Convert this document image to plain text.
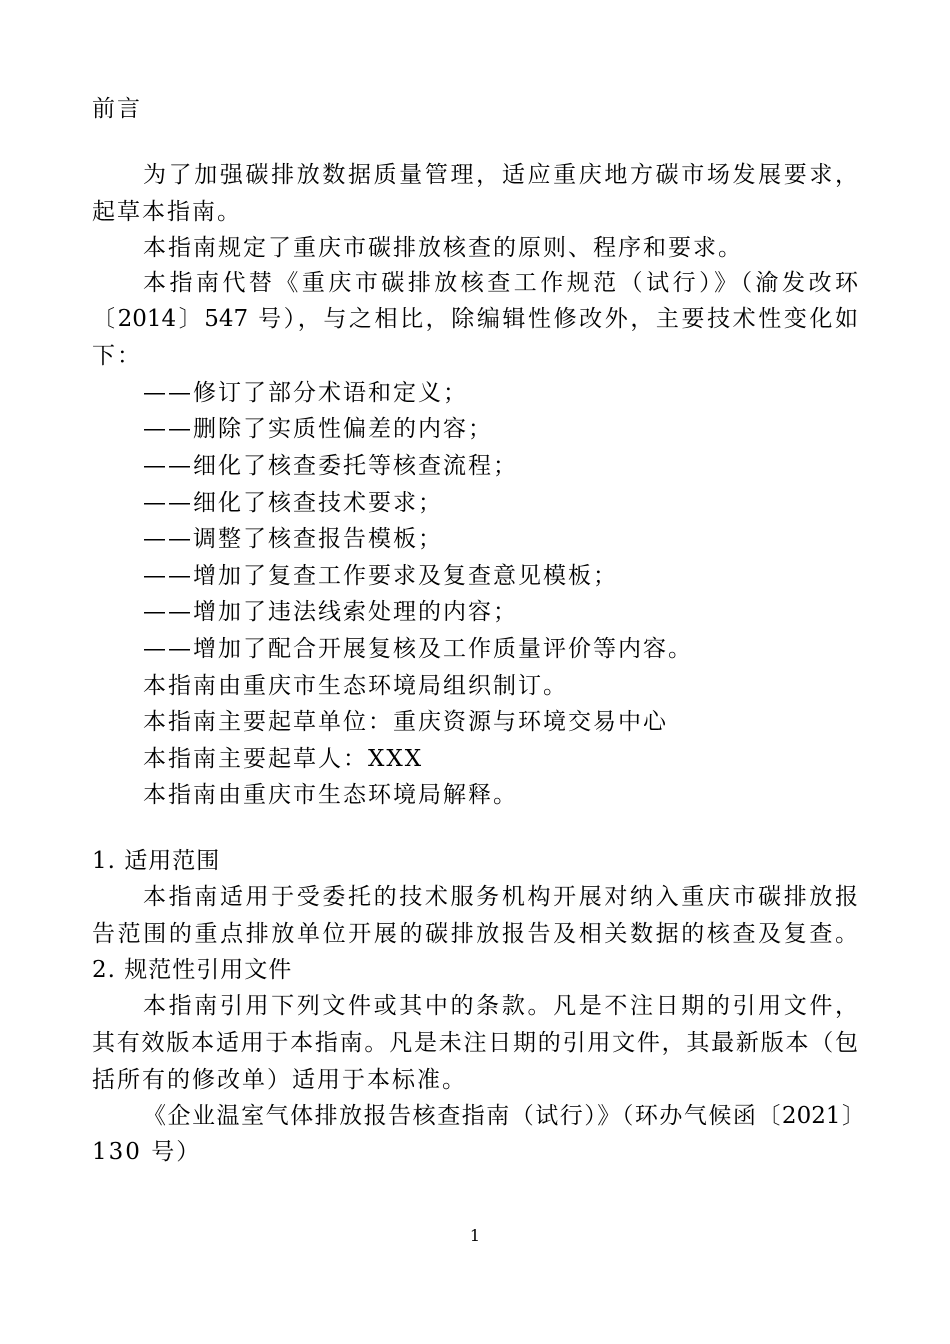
前言
为了加强碳排放数据质量管理，适应重庆地方碳市场发展要求，
起草本指南。
本指南规定了重庆市碳排放核查的原则、程序和要求。
本指南代替《重庆市碳排放核查工作规范（试行）》（渝发改环
〔2014〕547 号），与之相比，除编辑性修改外，主要技术性变化如
下：
——修订了部分术语和定义；
——删除了实质性偏差的内容；
——细化了核查委托等核查流程；
——细化了核查技术要求；
——调整了核查报告模板；
——增加了复查工作要求及复查意见模板；
——增加了违法线索处理的内容；
——增加了配合开展复核及工作质量评价等内容。
本指南由重庆市生态环境局组织制订。
本指南主要起草单位：重庆资源与环境交易中心
本指南主要起草人：XXX
本指南由重庆市生态环境局解释。
1. 适用范围
本指南适用于受委托的技术服务机构开展对纳入重庆市碳排放报
告范围的重点排放单位开展的碳排放报告及相关数据的核查及复查。
2. 规范性引用文件
本指南引用下列文件或其中的条款。凡是不注日期的引用文件，
其有效版本适用于本指南。凡是未注日期的引用文件，其最新版本（包
括所有的修改单）适用于本标准。
《企业温室气体排放报告核查指南（试行）》（环办气候函〔2021〕
130 号）
1
